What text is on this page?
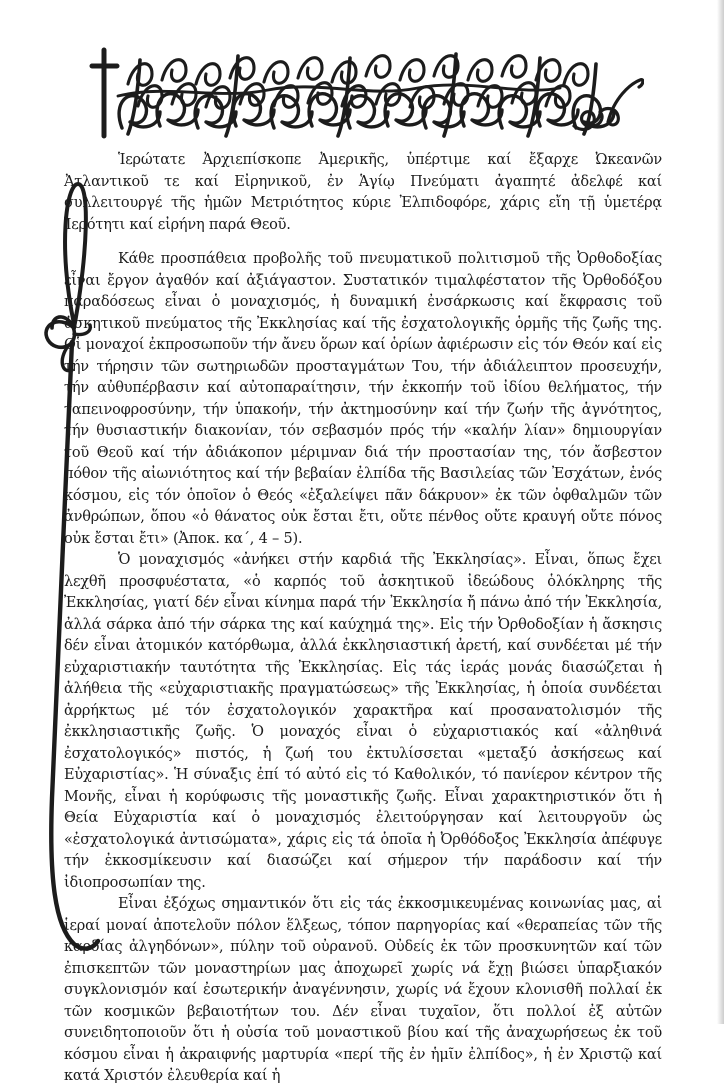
Ἱερώτατε Ἀρχιεπίσκοπε Ἀμερικῆς, ὑπέρτιμε καί ἔξαρχε Ὠκεανῶν Ἀτλαντικοῦ τε καί Εἰρηνικοῦ, ἐν Ἁγίῳ Πνεύματι ἀγαπητέ ἀδελφέ καί συλλειτουργέ τῆς ἡμῶν Μετριότητος κύριε Ἐλπιδοφόρε, χάρις εἴη τῇ ὑμετέρᾳ Ἱερότητι καί εἰρήνη παρά Θεοῦ.

Κάθε προσπάθεια προβολῆς τοῦ πνευματικοῦ πολιτισμοῦ τῆς Ὀρθοδοξίας εἶναι ἔργον ἀγαθόν καί ἀξιάγαστον. Συστατικόν τιμαλφέστατον τῆς Ὀρθοδόξου παραδόσεως εἶναι ὁ μοναχισμός, ἡ δυναμική ἐνσάρκωσις καί ἔκφρασις τοῦ ἀσκητικοῦ πνεύματος τῆς Ἐκκλησίας καί τῆς ἐσχατολογικῆς ὁρμῆς τῆς ζωῆς της. Οἱ μοναχοί ἐκπροσωποῦν τήν ἄνευ ὅρων καί ὁρίων ἀφιέρωσιν εἰς τόν Θεόν καί εἰς τήν τήρησιν τῶν σωτηριωδῶν προσταγμάτων Του, τήν ἀδιάλειπτον προσευχήν, τήν αὐθυπέρβασιν καί αὐτοπαραίτησιν, τήν ἐκκοπήν τοῦ ἰδίου θελήματος, τήν ταπεινοφροσύνην, τήν ὑπακοήν, τήν ἀκτημοσύνην καί τήν ζωήν τῆς ἁγνότητος, τήν θυσιαστικήν διακονίαν, τόν σεβασμόν πρός τήν «καλήν λίαν» δημιουργίαν τοῦ Θεοῦ καί τήν ἀδιάκοπον μέριμναν διά τήν προστασίαν της, τόν ἄσβεστον πόθον τῆς αἰωνιότητος καί τήν βεβαίαν ἐλπίδα τῆς Βασιλείας τῶν Ἐσχάτων, ἑνός κόσμου, εἰς τόν ὁποῖον ὁ Θεός «ἐξαλείψει πᾶν δάκρυον» ἐκ τῶν ὀφθαλμῶν τῶν ἀνθρώπων, ὅπου «ὁ θάνατος οὐκ ἔσται ἔτι, οὔτε πένθος οὔτε κραυγή οὔτε πόνος οὐκ ἔσται ἔτι» (Ἀποκ. κα΄, 4 – 5).

Ὁ μοναχισμός «ἀνήκει στήν καρδιά τῆς Ἐκκλησίας». Εἶναι, ὅπως ἔχει λεχθῆ προσφυέστατα, «ὁ καρπός τοῦ ἀσκητικοῦ ἰδεώδους ὁλόκληρης τῆς Ἐκκλησίας, γιατί δέν εἶναι κίνημα παρά τήν Ἐκκλησία ἤ πάνω ἀπό τήν Ἐκκλησία, ἀλλά σάρκα ἀπό τήν σάρκα της καί καύχημά της». Εἰς τήν Ὀρθοδοξίαν ἡ ἄσκησις δέν εἶναι ἀτομικόν κατόρθωμα, ἀλλά ἐκκλησιαστική ἀρετή, καί συνδέεται μέ τήν εὐχαριστιακήν ταυτότητα τῆς Ἐκκλησίας. Εἰς τάς ἱεράς μονάς διασώζεται ἡ ἀλήθεια τῆς «εὐχαριστιακῆς πραγματώσεως» τῆς Ἐκκλησίας, ἡ ὁποία συνδέεται ἀρρήκτως μέ τόν ἐσχατολογικόν χαρακτῆρα καί προσανατολισμόν τῆς ἐκκλησιαστικῆς ζωῆς. Ὁ μοναχός εἶναι ὁ εὐχαριστιακός καί «ἀληθινά ἐσχατολογικός» πιστός, ἡ ζωή του ἐκτυλίσσεται «μεταξύ ἀσκήσεως καί Εὐχαριστίας». Ἡ σύναξις ἐπί τό αὐτό εἰς τό Καθολικόν, τό πανίερον κέντρον τῆς Μονῆς, εἶναι ἡ κορύφωσις τῆς μοναστικῆς ζωῆς. Εἶναι χαρακτηριστικόν ὅτι ἡ Θεία Εὐχαριστία καί ὁ μοναχισμός ἐλειτούργησαν καί λειτουργοῦν ὡς «ἐσχατολογικά ἀντισώματα», χάρις εἰς τά ὁποῖα ἡ Ὀρθόδοξος Ἐκκλησία ἀπέφυγε τήν ἐκκοσμίκευσιν καί διασώζει καί σήμερον τήν παράδοσιν καί τήν ἰδιοπροσωπίαν της.

Εἶναι ἐξόχως σημαντικόν ὅτι εἰς τάς ἐκκοσμικευμένας κοινωνίας μας, αἱ ἱεραί μοναί ἀποτελοῦν πόλον ἕλξεως, τόπον παρηγορίας καί «θεραπείας τῶν τῆς καρδίας ἀλγηδόνων», πύλην τοῦ οὐρανοῦ. Οὐδείς ἐκ τῶν προσκυνητῶν καί τῶν ἐπισκεπτῶν τῶν μοναστηρίων μας ἀποχωρεῖ χωρίς νά ἔχῃ βιώσει ὑπαρξιακόν συγκλονισμόν καί ἐσωτερικήν ἀναγέννησιν, χωρίς νά ἔχουν κλονισθῆ πολλαί ἐκ τῶν κοσμικῶν βεβαιοτήτων του. Δέν εἶναι τυχαῖον, ὅτι πολλοί ἐξ αὐτῶν συνειδητοποιοῦν ὅτι ἡ οὐσία τοῦ μοναστικοῦ βίου καί τῆς ἀναχωρήσεως ἐκ τοῦ κόσμου εἶναι ἡ ἀκραιφνής μαρτυρία «περί τῆς ἐν ἡμῖν ἐλπίδος», ἡ ἐν Χριστῷ καί κατά Χριστόν ἐλευθερία καί ἡ
